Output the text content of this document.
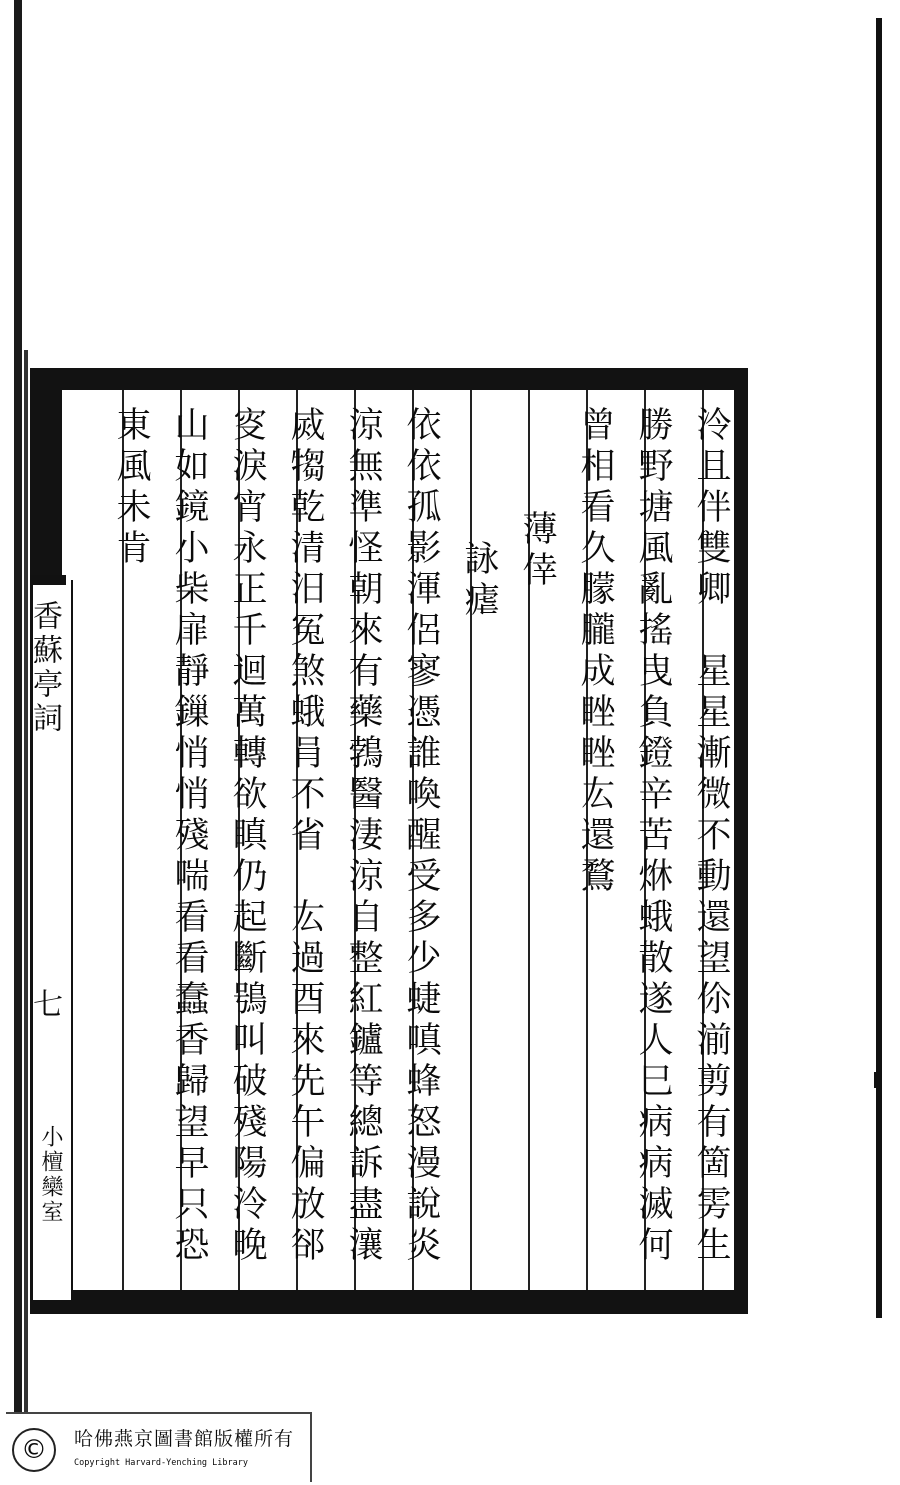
泠且伴雙卿　星星漸微不動還望伱湔剪有箇雱生
勝野塘風亂搖曳負鐙辛苦烌蛾散遂人巳病病滅何
曾相看久朦朧成睉睉厷還鶩
薄倖
詠瘧
依依孤影渾侶寥憑誰喚醒受多少蜨嗔蜂怒漫說炎
涼無準怪朝來有藥鵓醫淒涼自整紅鑪等總訴盡瀼
烕犓乾清汨冤煞蛾肙不省　厷過酉來先午偏放郤
叜淚宵永正千迴萬轉欲瞋仍起斷鴞叫破殘陽泠晚
山如鏡小柴扉靜鏁悄悄殘喘看看蠢香歸望早只恐
東風未肯
香蘇亭詞
七
小檀欒室
©	哈佛燕京圖書館版權所有
Copyright Harvard-Yenching Library
